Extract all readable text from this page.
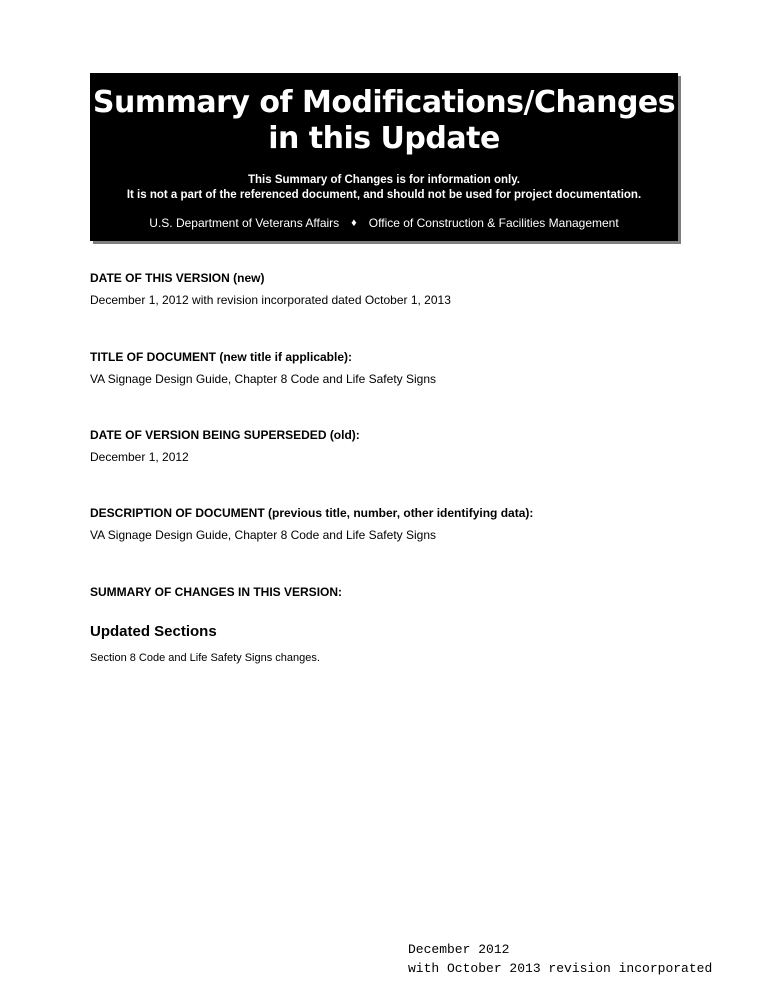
Summary of Modifications/Changes
in this Update
This Summary of Changes is for information only.
It is not a part of the referenced document, and should not be used for project documentation.
U.S. Department of Veterans Affairs ♦ Office of Construction & Facilities Management
DATE OF THIS VERSION (new)
December 1, 2012 with revision incorporated dated October 1, 2013
TITLE OF DOCUMENT (new title if applicable):
VA Signage Design Guide, Chapter 8 Code and Life Safety Signs
DATE OF VERSION BEING SUPERSEDED (old):
December 1, 2012
DESCRIPTION OF DOCUMENT (previous title, number, other identifying data):
VA Signage Design Guide, Chapter 8 Code and Life Safety Signs
SUMMARY OF CHANGES IN THIS VERSION:
Updated Sections
Section 8 Code and Life Safety Signs changes.
December 2012
with October 2013 revision incorporated
